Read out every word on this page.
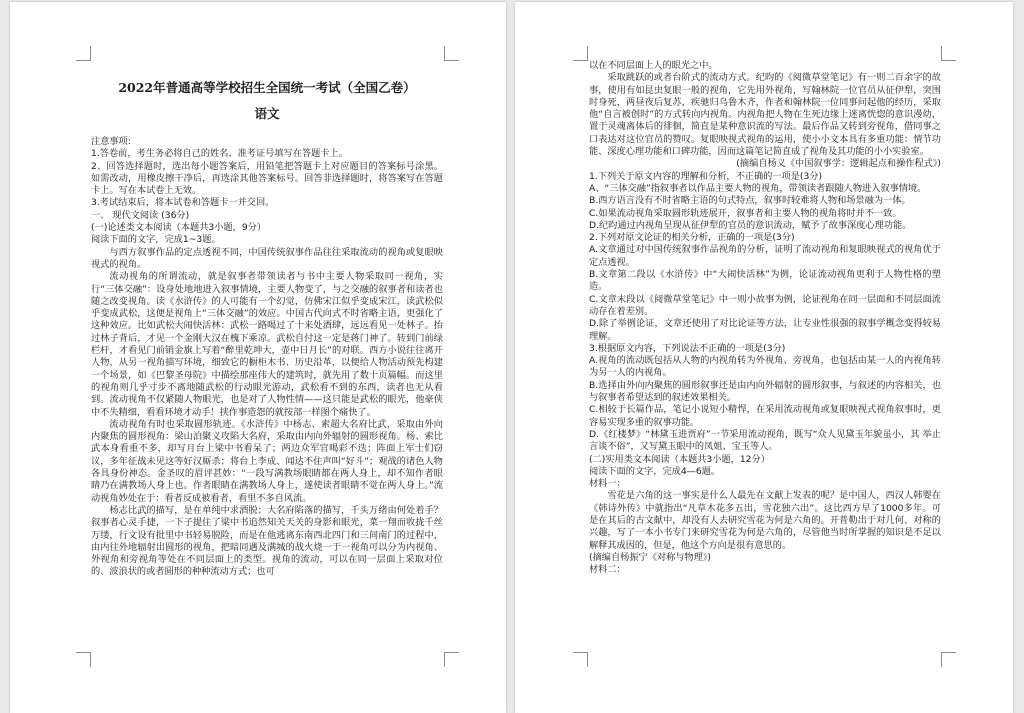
2022年普通高等学校招生全国统一考试（全国乙卷）

语文

注意事项:

1.答卷前，考生务必将自己的姓名、准考证号填写在答题卡上。

2、回答选择题时，选出每小题答案后，用铅笔把答题卡上对应题目的答案标号涂黑。如需改动，用橡皮擦干净后，再选涂其他答案标号。回答非选择题时，将答案写在答题卡上。写在本试卷上无效。

3.考试结束后，将本试卷和答题卡一并交回。

一、 现代文阅读 (36分)

(一)论述类文本阅读（本题共3小题，9分）

阅读下面的文字，完成1~3题。

与西方叙事作品的定点透视不同，中国传统叙事作品往往采取流动的视角或复眼映视式的视角。

流动视角的所谓流动，就是叙事者带领读者与书中主要人物采取同一视角，实行“三体交融”：设身处地地进入叙事情境，主要人物变了，与之交融的叙事者和读者也随之改变视角。读《水浒传》的人可能有一个幻觉，仿佛宋江似乎变成宋江，读武松似乎变成武松，这便是视角上“三体交融”的效应。中国古代向式不时省略主语，更强化了这种效应。比如武松大闹快活林：武松一路喝过了十来处酒肆，远远看见一处林子。抬过林子背后，才见一个金刚大汉在槐下乘凉。武松自付这一定是蒋门神了。转到门前绿栏杆，才看见门前销金旗上写着“醉里乾坤大，壶中日月长”的对联。西方小说往往离开人物，从另一视角描写环境，细致它的橱柜木书、历史沿革，以便给人物活动预先构建一个场景，如《巴黎圣母院》中描绘那座伟大的建筑时，就先用了数十页篇幅。而这里的视角则几乎寸步不离地随武松的行动眼光游动，武松看不到的东西，读者也无从看到。流动视角不仅紧随人物眼光，也是对了人物性情——这只能是武松的眼光，他豪侠中不失精细，看看环境才动手！挟作事造怨的就按部一样图个痛快了。

流动视角有时也采取圆形轨迹。《水浒传》中杨志、索超大名府比武，采取由外向内聚焦的圆形视角：梁山泊聚义攻陷大名府，采取由内向外辐射的圆形视角。杨、索比武本身看重不多，却写月台上梁中书看呆了；两边众军官喝彩不迭；阵面上军士们窃议，多年征战未见这等好汉厮杀；将台上李成、闻达不住声叫“好斗”；观战的诸色人物各具身份神态。金圣叹的眉评甚妙：“一段写满教场眼睛都在两人身上，却不知作者眼睛乃在满教场人身上也。作者眼睛在满教场人身上，遂使读者眼睛不觉在两人身上。”流动视角妙处在于：看者反成被看者，看里不多自风流。

杨志比武的描写，是在单纯中求酒脱；大名府陷落的描写，千头万绪由何处着手？叙事者心灵手捷，一下子提住了梁中书追然知关天关的身影和眼光，菜一翔而收拢千丝万缕，行文设有批里中书轻易脱险，而是在他逃离东南西北四门和三间南门的过程中，由内往外地辐射出圆形的视角，把暗同遇及满城的战火烧一于一视角可以分为内视角、外视角和旁视角等处在不同层面上的类型。视角的流动，可以在同一层面上采取对位的、波浪状的或者圆形的种种流动方式；也可

以在不同层面上人的眼光之中。

采取跳跃的或者台阶式的流动方式。纪昀的《阅微草堂笔记》有一则二百余字的故事，使用有如昆虫复眼一般的视角，它先用外视角，写翰林院一位官员从征伊犁，突围时身死，两昼夜后复苏，疾驰归乌鲁木齐，作者和翰林院一位同事问起他的经历，采取他“自言被创时”的方式转向内视角。内视角把人物在生死边缘上迷离恍惚的意识漫幼，置于灵魂离体后的徘徊，简直是某种意识流的写法。最后作品又转到旁视角，借同事之口表达对这位官员的赞叹。复眼映视式视角的运用，使小小文本具有多重功能：情节功能、深度心理功能和口碑功能，因而这篇笔记简直成了视角及其功能的小小实验室。

(摘编自杨义《中国叙事学：逻辑起点和操作程式》)

1.下列关于原文内容的理解和分析，不正确的一项是(3分)

A、“三体交融”指叙事者以作品主要人物的视角，带领读者跟随人物进入叙事情境。

B.西方语言没有不时省略主语的句式特点，叙事时较难将人物和场景融为一体。

C.如果流动视角采取圆形轨迹展开，叙事者和主要人物的视角将时并不一致。

D.纪昀通过内视角呈现从征伊犁的官员的意识流动，赋予了故事深度心理功能。

2.下列对原文论证的相关分析，正确的一项是(3分)

A.文章通过对中国传统叙事作品视角的分析，证明了流动视角和复眼映视式的视角优于定点透视。

B.文章第二段以《水浒传》中“大闹快活林”为例，论证流动视角更利于人物性格的塑造。

C.文章末段以《阅微草堂笔记》中一则小故事为例，论证视角在同一层面和不同层面流动存在着差别。

D.除了举例论证，文章还使用了对比论证等方法，让专业性很强的叙事学概念变得较易理解。

3.根据原文内容，下列说法不正确的一项是(3分)

A.视角的流动既包括从人物的内视角转为外视角、旁视角，也包括由某一人的内视角转为另一人的内视角。

B.选择由外向内聚焦的圆形叙事还是由内向外辐射的圆形叙事，与叙述的内容相关，也与叙事者希望达到的叙述效果相关。

C.相较于长篇作品，笔记小说短小精悍，在采用流动视角或复眼映视式视角叙事时，更容易实现多重的叙事功能。

D.《红楼梦》“林黛玉进贾府”一节采用流动视角，既写“众人见黛玉年貌虽小，其 举止言谈不俗”，又写黛玉眼中的凤姐、宝玉等人。

(二)实用类文本阅读（本题共3小题，12分）

阅读下面的文字，完成4—6题。

材料一：

雪花是六角的这一事实是什么人最先在文献上发表的呢？是中国人，西汉人韩婴在《韩诗外传》中就指出“凡草木花多五出，雪花独六出”。这比西方早了1000多年。可是在其后的古文献中，却没有人去研究雪花为何是六角的。开普勒出于对几何、对称的兴趣，写了一本小书专门来研究雪花为何是六角的，尽管他当时所掌握的知识是不足以解释其成因的，但是，他这个方向是很有意思的。

(摘编自杨振宁《对称与物理》)

材料二：
